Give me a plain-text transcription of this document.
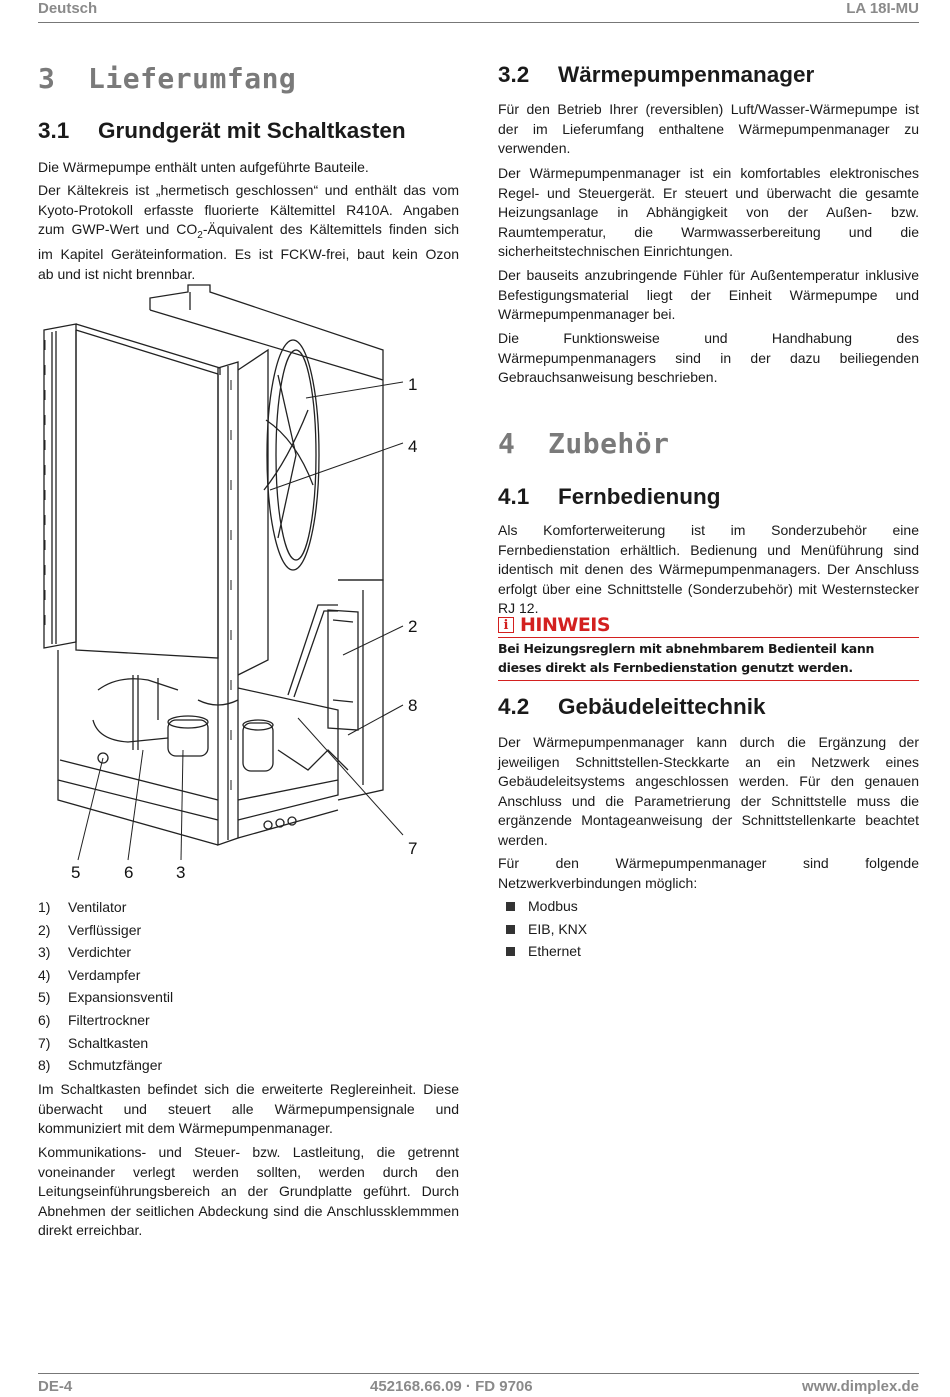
Deutsch	LA 18I-MU
3 Lieferumfang
3.1 Grundgerät mit Schaltkasten

Die Wärmepumpe enthält unten aufgeführte Bauteile.

Der Kältekreis ist „hermetisch geschlossen“ und enthält das vom
Kyoto-Protokoll erfasste fluorierte Kältemittel R410A. Angaben
zum GWP-Wert und $CO_2$-Äquivalent des Kältemittels finden sich
im Kapitel Geräteinformation. Es ist FCKW-frei, baut kein Ozon
ab und ist nicht brennbar.
1
4
2
8
7
5	6	3
1) Ventilator
2) Verflüssiger
3) Verdichter
4) Verdampfer
5) Expansionsventil
6) Filtertrockner
7) Schaltkasten
8) Schmutzfänger

Im Schaltkasten befindet sich die erweiterte Reglereinheit. Diese überwacht und steuert alle Wärmepumpensignale und kommuniziert mit dem Wärmepumpenmanager.

Kommunikations- und Steuer- bzw. Lastleitung, die getrennt voneinander verlegt werden sollten, werden durch den Leitungseinführungsbereich an der Grundplatte geführt. Durch Abnehmen der seitlichen Abdeckung sind die Anschlussklemmmen direkt erreichbar.

3.2 Wärmepumpenmanager

Für den Betrieb Ihrer (reversiblen) Luft/Wasser-Wärmepumpe ist der im Lieferumfang enthaltene Wärmepumpenmanager zu verwenden.

Der Wärmepumpenmanager ist ein komfortables elektronisches Regel- und Steuergerät. Er steuert und überwacht die gesamte Heizungsanlage in Abhängigkeit von der Außen- bzw. Raumtemperatur, die Warmwasserbereitung und die sicherheitstechnischen Einrichtungen.

Der bauseits anzubringende Fühler für Außentemperatur inklusive Befestigungsmaterial liegt der Einheit Wärmepumpe und Wärmepumpenmanager bei.

Die Funktionsweise und Handhabung des Wärmepumpenmanagers sind in der dazu beiliegenden Gebrauchsanweisung beschrieben.

4 Zubehör
4.1 Fernbedienung

Als Komforterweiterung ist im Sonderzubehör eine Fernbedienstation erhältlich. Bedienung und Menüführung sind identisch mit denen des Wärmepumpenmanagers. Der Anschluss erfolgt über eine Schnittstelle (Sonderzubehör) mit Westernstecker RJ 12.

i HINWEIS
Bei Heizungsreglern mit abnehmbarem Bedienteil kann dieses direkt als Fernbedienstation genutzt werden.
4.2 Gebäudeleittechnik

Der Wärmepumpenmanager kann durch die Ergänzung der jeweiligen Schnittstellen-Steckkarte an ein Netzwerk eines Gebäudeleitsystems angeschlossen werden. Für den genauen Anschluss und die Parametrierung der Schnittstelle muss die ergänzende Montageanweisung der Schnittstellenkarte beachtet werden.

Für den Wärmepumpenmanager sind folgende Netzwerkverbindungen möglich:

Modbus
EIB, KNX
Ethernet
DE-4	452168.66.09 · FD 9706	www.dimplex.de
